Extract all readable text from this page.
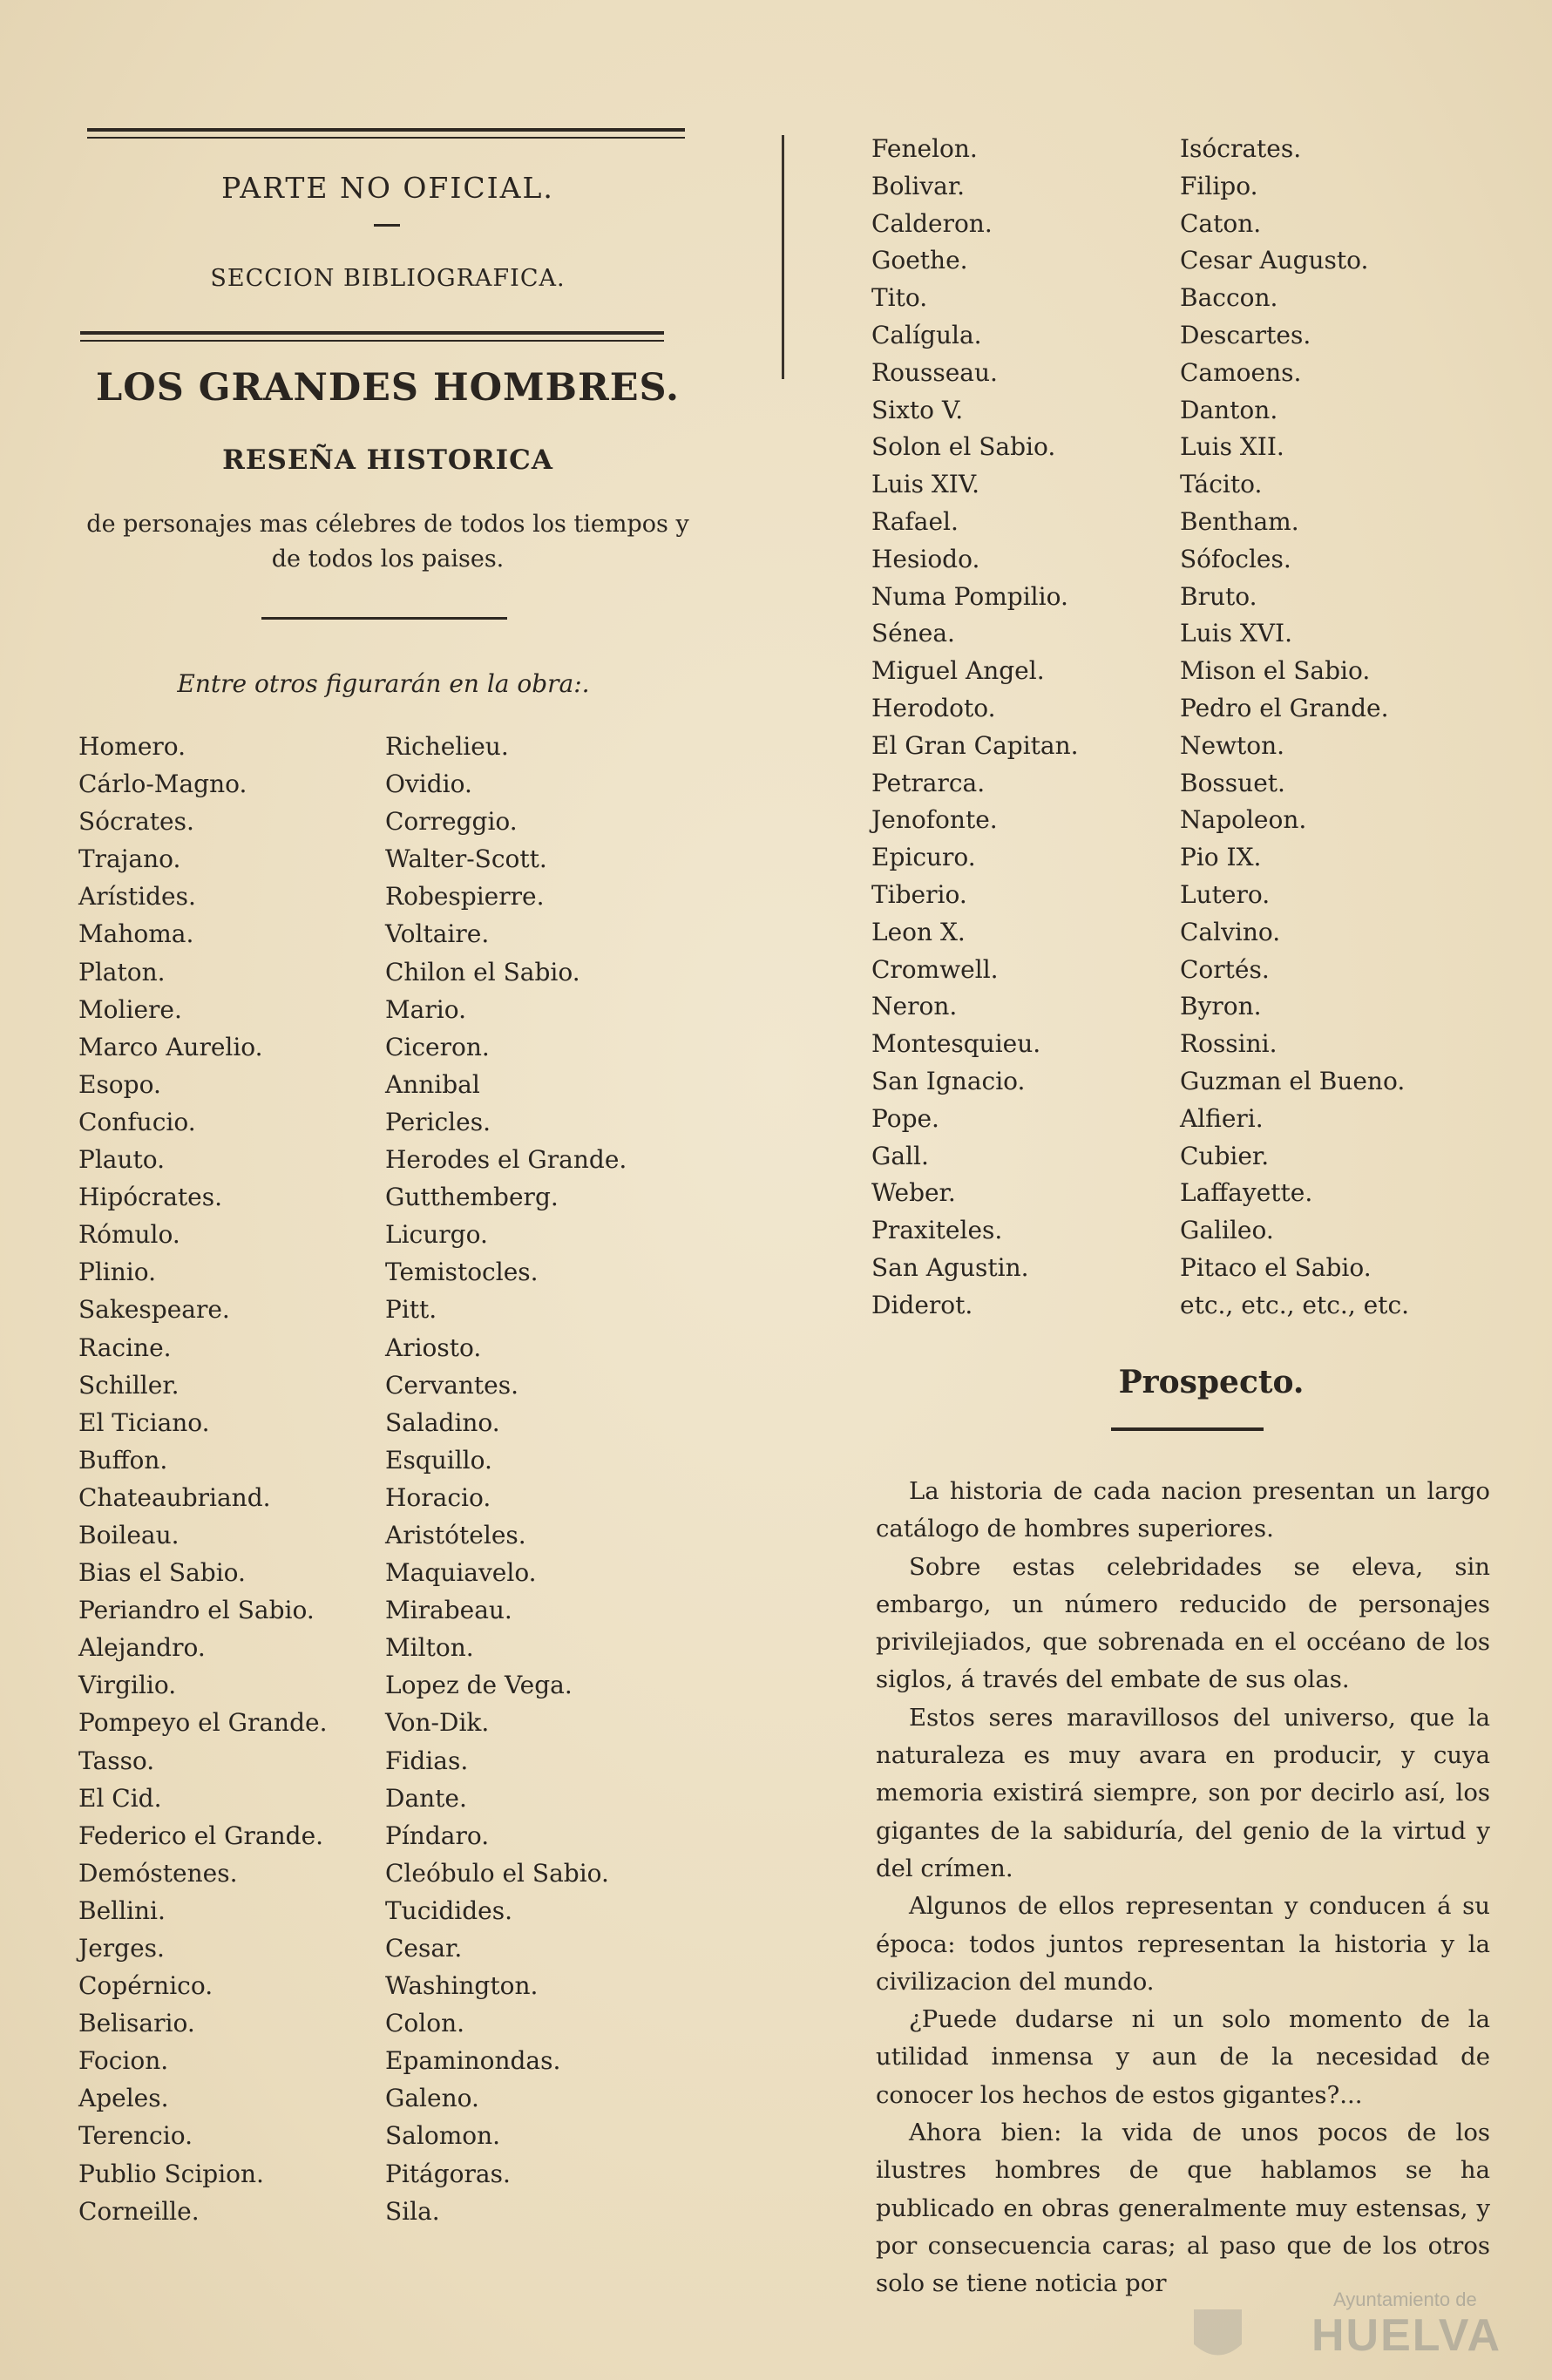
PARTE NO OFICIAL.
SECCION BIBLIOGRAFICA.
LOS GRANDES HOMBRES.
RESEÑA HISTORICA
de personajes mas célebres de todos los tiempos y de todos los paises.
Entre otros figurarán en la obra:.
Homero.
Cárlo-Magno.
Sócrates.
Trajano.
Arístides.
Mahoma.
Platon.
Moliere.
Marco Aurelio.
Esopo.
Confucio.
Plauto.
Hipócrates.
Rómulo.
Plinio.
Sakespeare.
Racine.
Schiller.
El Ticiano.
Buffon.
Chateaubriand.
Boileau.
Bias el Sabio.
Periandro el Sabio.
Alejandro.
Virgilio.
Pompeyo el Grande.
Tasso.
El Cid.
Federico el Grande.
Demóstenes.
Bellini.
Jerges.
Copérnico.
Belisario.
Focion.
Apeles.
Terencio.
Publio Scipion.
Corneille.
Richelieu.
Ovidio.
Correggio.
Walter-Scott.
Robespierre.
Voltaire.
Chilon el Sabio.
Mario.
Ciceron.
Annibal
Pericles.
Herodes el Grande.
Gutthemberg.
Licurgo.
Temistocles.
Pitt.
Ariosto.
Cervantes.
Saladino.
Esquillo.
Horacio.
Aristóteles.
Maquiavelo.
Mirabeau.
Milton.
Lopez de Vega.
Von-Dik.
Fidias.
Dante.
Píndaro.
Cleóbulo el Sabio.
Tucidides.
Cesar.
Washington.
Colon.
Epaminondas.
Galeno.
Salomon.
Pitágoras.
Sila.
Fenelon.
Bolivar.
Calderon.
Goethe.
Tito.
Calígula.
Rousseau.
Sixto V.
Solon el Sabio.
Luis XIV.
Rafael.
Hesiodo.
Numa Pompilio.
Sénea.
Miguel Angel.
Herodoto.
El Gran Capitan.
Petrarca.
Jenofonte.
Epicuro.
Tiberio.
Leon X.
Cromwell.
Neron.
Montesquieu.
San Ignacio.
Pope.
Gall.
Weber.
Praxiteles.
San Agustin.
Diderot.
Isócrates.
Filipo.
Caton.
Cesar Augusto.
Baccon.
Descartes.
Camoens.
Danton.
Luis XII.
Tácito.
Bentham.
Sófocles.
Bruto.
Luis XVI.
Mison el Sabio.
Pedro el Grande.
Newton.
Bossuet.
Napoleon.
Pio IX.
Lutero.
Calvino.
Cortés.
Byron.
Rossini.
Guzman el Bueno.
Alfieri.
Cubier.
Laffayette.
Galileo.
Pitaco el Sabio.
etc., etc., etc., etc.
Prospecto.

La historia de cada nacion presentan un largo catálogo de hombres superiores.

Sobre estas celebridades se eleva, sin embargo, un número reducido de personajes privilejiados, que sobrenada en el occéano de los siglos, á través del embate de sus olas.

Estos seres maravillosos del universo, que la naturaleza es muy avara en producir, y cuya memoria existirá siempre, son por decirlo así, los gigantes de la sabiduría, del genio de la virtud y del crímen.

Algunos de ellos representan y conducen á su época: todos juntos representan la historia y la civilizacion del mundo.

¿Puede dudarse ni un solo momento de la utilidad inmensa y aun de la necesidad de conocer los hechos de estos gigantes?...

Ahora bien: la vida de unos pocos de los ilustres hombres de que hablamos se ha publicado en obras generalmente muy estensas, y por consecuencia caras; al paso que de los otros solo se tiene noticia por

Ayuntamiento de
HUELVA
